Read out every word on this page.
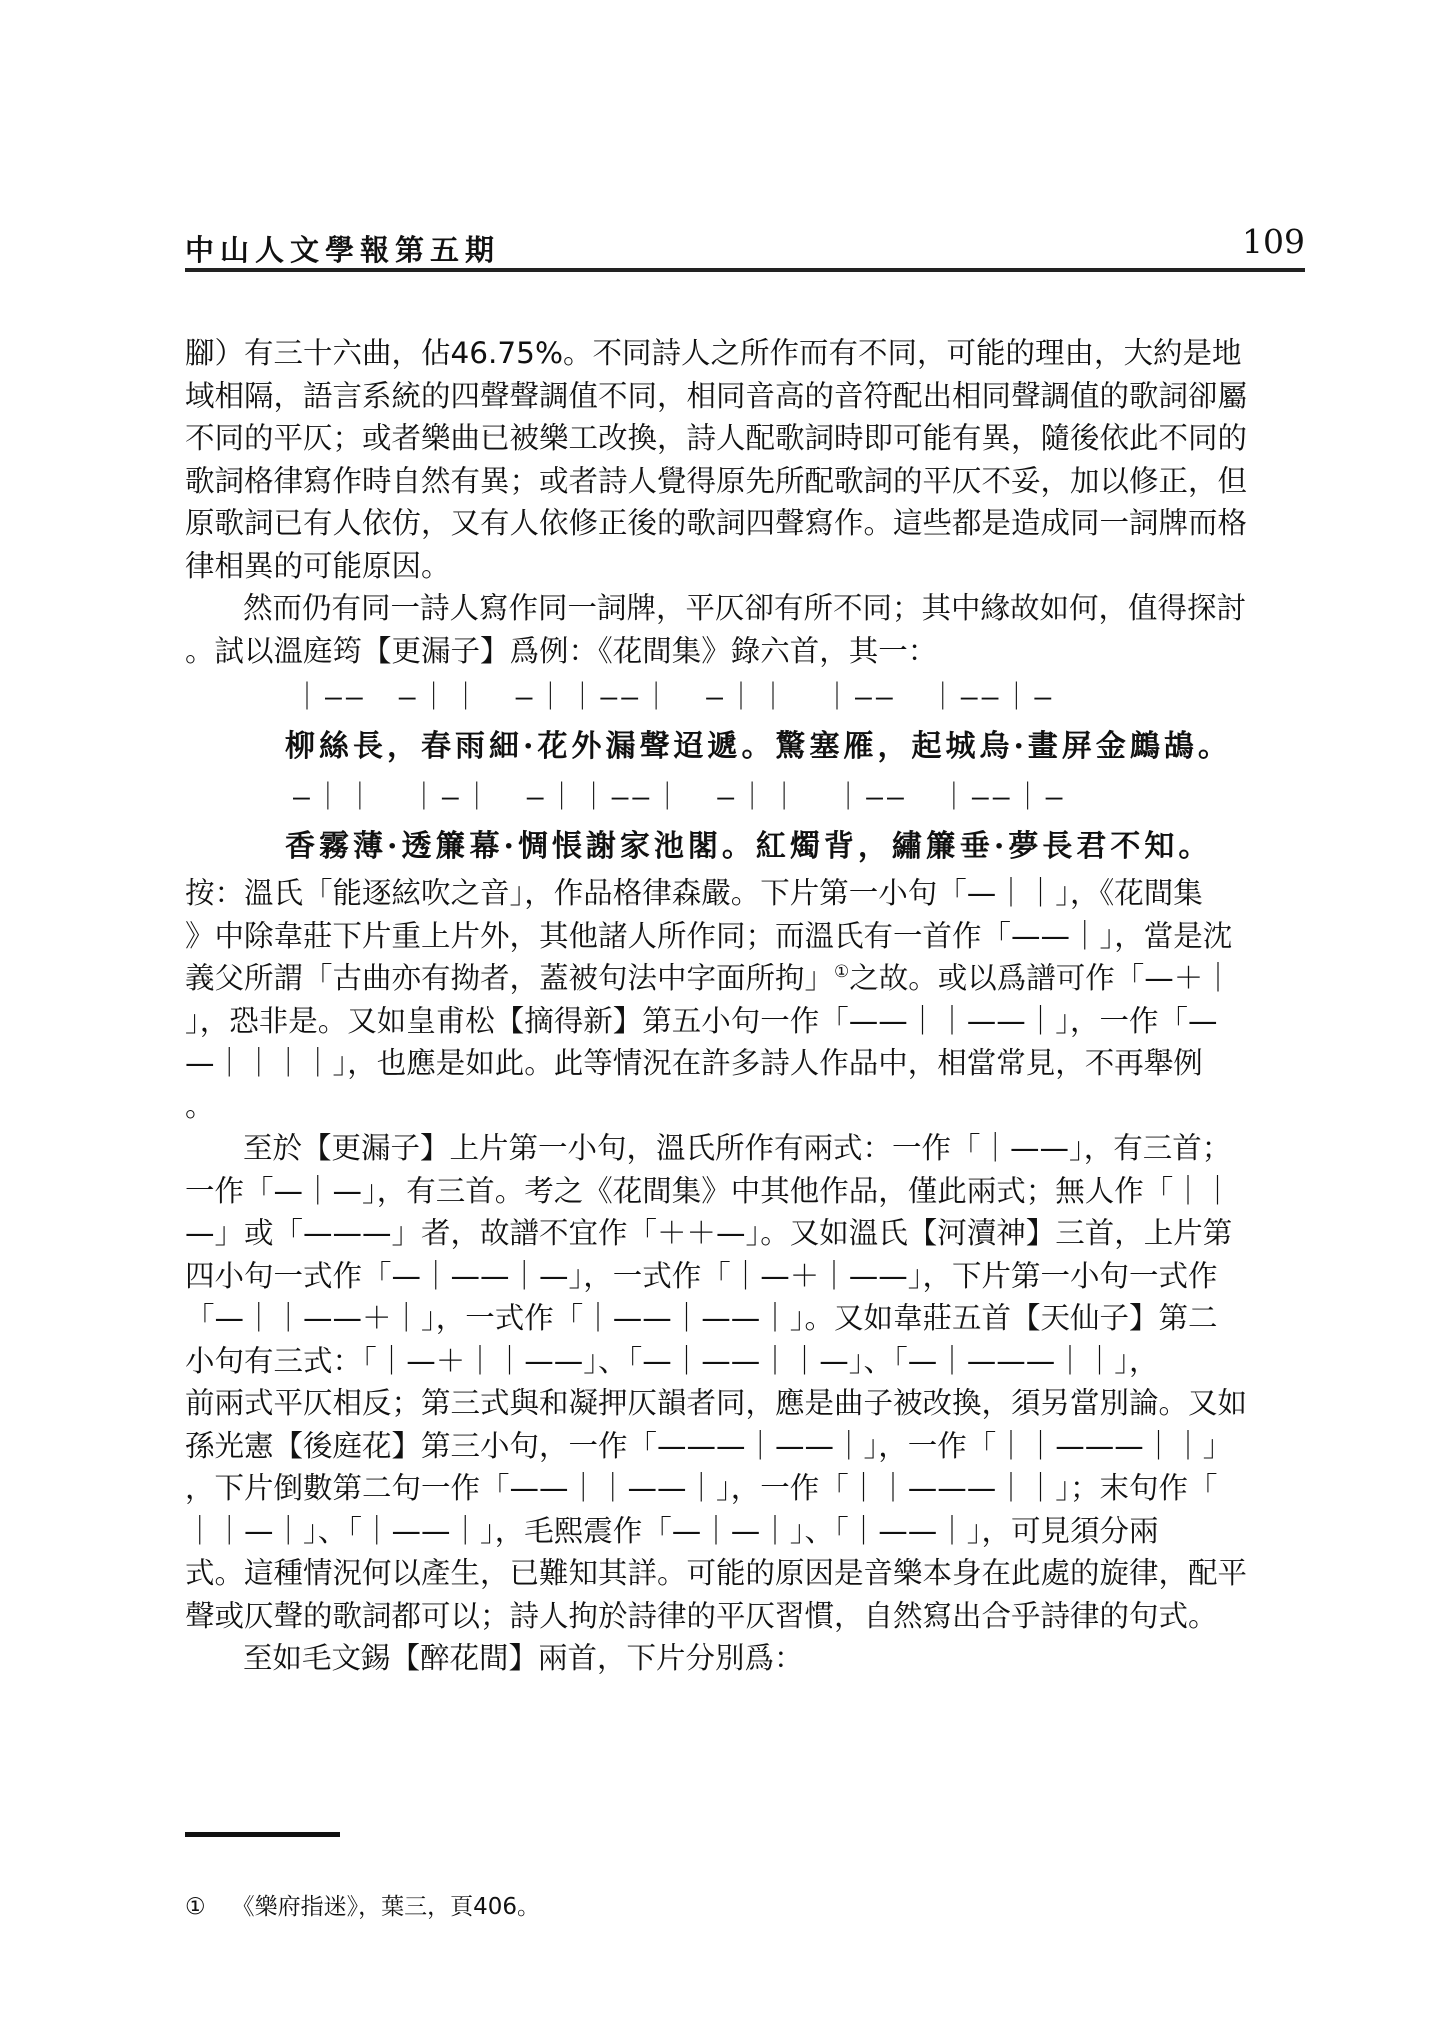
中山人文學報第五期	109
腳）有三十六曲，佔46.75%。不同詩人之所作而有不同，可能的理由，大約是地
域相隔，語言系統的四聲聲調值不同，相同音高的音符配出相同聲調值的歌詞卻屬
不同的平仄；或者樂曲已被樂工改換，詩人配歌詞時即可能有異，隨後依此不同的
歌詞格律寫作時自然有異；或者詩人覺得原先所配歌詞的平仄不妥，加以修正，但
原歌詞已有人依仿，又有人依修正後的歌詞四聲寫作。這些都是造成同一詞牌而格
律相異的可能原因。
然而仍有同一詩人寫作同一詞牌，平仄卻有所不同；其中緣故如何，值得探討
。試以溫庭筠【更漏子】爲例：《花間集》錄六首，其一：
｜——　—｜｜　—｜｜——｜　—｜｜　｜——　｜——｜—
柳絲長，春雨細·花外漏聲迢遞。驚塞雁，起城烏·畫屏金鷓鴣。
—｜｜　｜—｜　—｜｜——｜　—｜｜　｜——　｜——｜—
香霧薄·透簾幕·惆悵謝家池閣。紅燭背，繡簾垂·夢長君不知。
按：溫氏「能逐絃吹之音」，作品格律森嚴。下片第一小句「—｜｜」，《花間集
》中除韋莊下片重上片外，其他諸人所作同；而溫氏有一首作「——｜」，當是沈
義父所謂「古曲亦有拗者，蓋被句法中字面所拘」①之故。或以爲譜可作「—＋｜
」，恐非是。又如皇甫松【摘得新】第五小句一作「——｜｜——｜」，一作「—
—｜｜｜｜」，也應是如此。此等情況在許多詩人作品中，相當常見，不再舉例
。
至於【更漏子】上片第一小句，溫氏所作有兩式：一作「｜——」，有三首；
一作「—｜—」，有三首。考之《花間集》中其他作品，僅此兩式；無人作「｜｜
—」或「———」者，故譜不宜作「＋＋—」。又如溫氏【河瀆神】三首，上片第
四小句一式作「—｜——｜—」，一式作「｜—＋｜——」，下片第一小句一式作
「—｜｜——＋｜」，一式作「｜——｜——｜」。又如韋莊五首【天仙子】第二
小句有三式：「｜—＋｜｜——」、「—｜——｜｜—」、「—｜———｜｜」，
前兩式平仄相反；第三式與和凝押仄韻者同，應是曲子被改換，須另當別論。又如
孫光憲【後庭花】第三小句，一作「———｜——｜」，一作「｜｜———｜｜」
，下片倒數第二句一作「——｜｜——｜」，一作「｜｜———｜｜」；末句作「
｜｜—｜」、「｜——｜」，毛熙震作「—｜—｜」、「｜——｜」，可見須分兩
式。這種情況何以產生，已難知其詳。可能的原因是音樂本身在此處的旋律，配平
聲或仄聲的歌詞都可以；詩人拘於詩律的平仄習慣，自然寫出合乎詩律的句式。
至如毛文錫【醉花間】兩首，下片分別爲：
① 《樂府指迷》，葉三，頁406。
